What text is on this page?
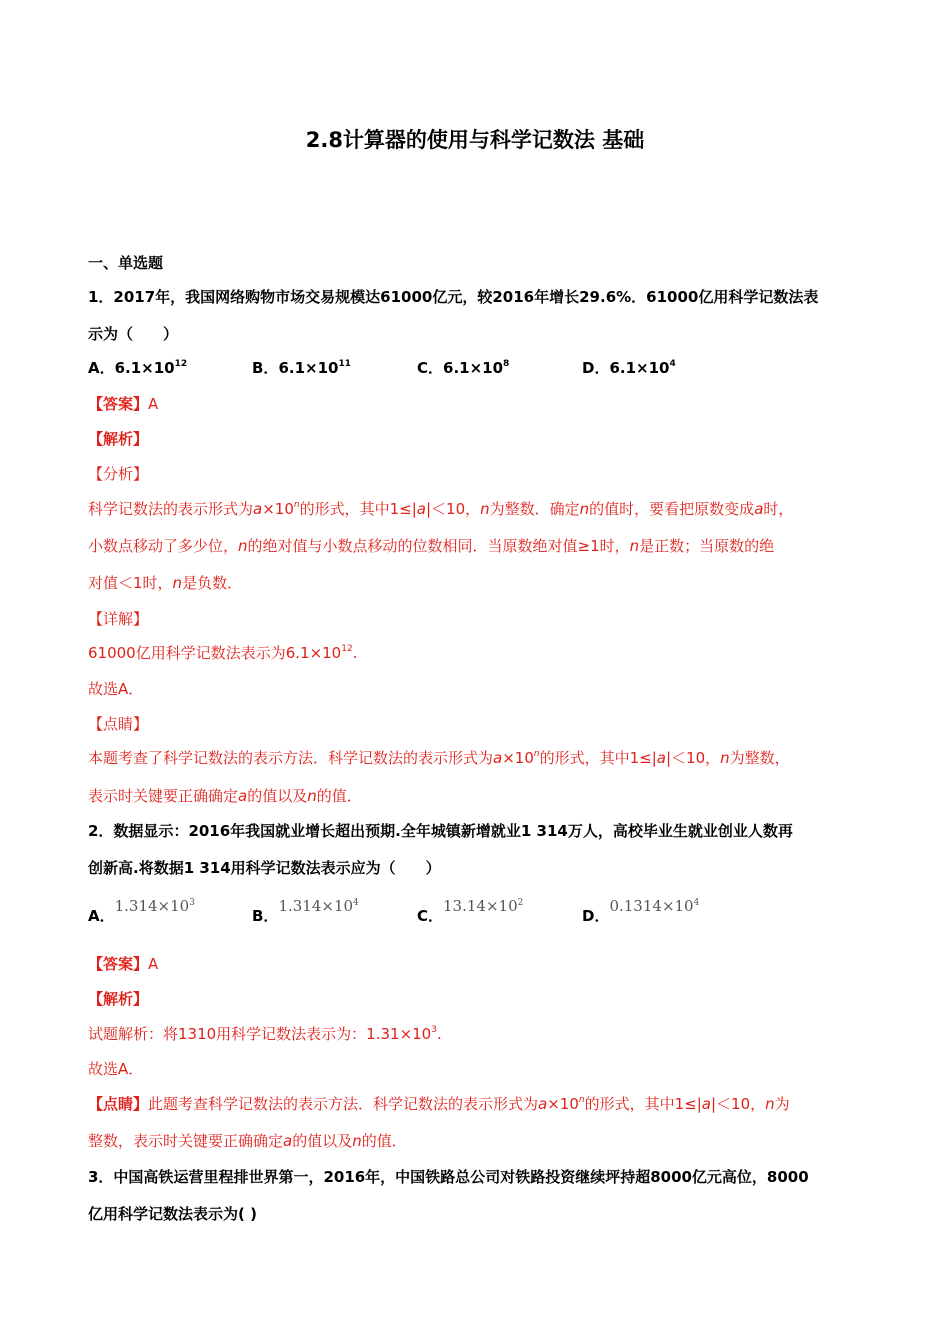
2.8计算器的使用与科学记数法 基础
一、单选题
1．2017年，我国网络购物市场交易规模达61000亿元，较2016年增长29.6%．61000亿用科学记数法表
示为（　　）
A．$6.1\times 10^{12}$	B．$6.1\times 10^{11}$	C．$6.1\times 10^8$	D．$6.1\times 10^4$
【答案】A
【解析】
【分析】
科学记数法的表示形式为$a\times 10^n$的形式，其中1≤|a|＜10，n为整数．确定n的值时，要看把原数变成a时，
小数点移动了多少位，n的绝对值与小数点移动的位数相同．当原数绝对值≥1时，n是正数；当原数的绝
对值＜1时，n是负数．
【详解】
61000亿用科学记数法表示为$6.1\times 10^{12}$.
故选A．
【点睛】
本题考查了科学记数法的表示方法．科学记数法的表示形式为$a\times 10^n$的形式，其中1≤|a|＜10，n为整数，
表示时关键要正确确定a的值以及n的值．
2．数据显示：2016年我国就业增长超出预期.全年城镇新增就业1 314万人，高校毕业生就业创业人数再
创新高.将数据1 314用科学记数法表示应为（　　）
A．$1.314\times 10^3$
B．$1.314\times 10^4$
C．$13.14\times 10^2$
D．$0.1314\times 10^4$
【答案】A
【解析】
试题解析：将1310用科学记数法表示为：$1.31\times 10^3$.
故选A．
【点睛】此题考查科学记数法的表示方法．科学记数法的表示形式为$a\times 10^n$的形式，其中1≤|a|＜10，n为
整数，表示时关键要正确确定a的值以及n的值．
3．中国高铁运营里程排世界第一，2016年，中国铁路总公司对铁路投资继续坪持超8000亿元高位，8000
亿用科学记数法表示为( )
